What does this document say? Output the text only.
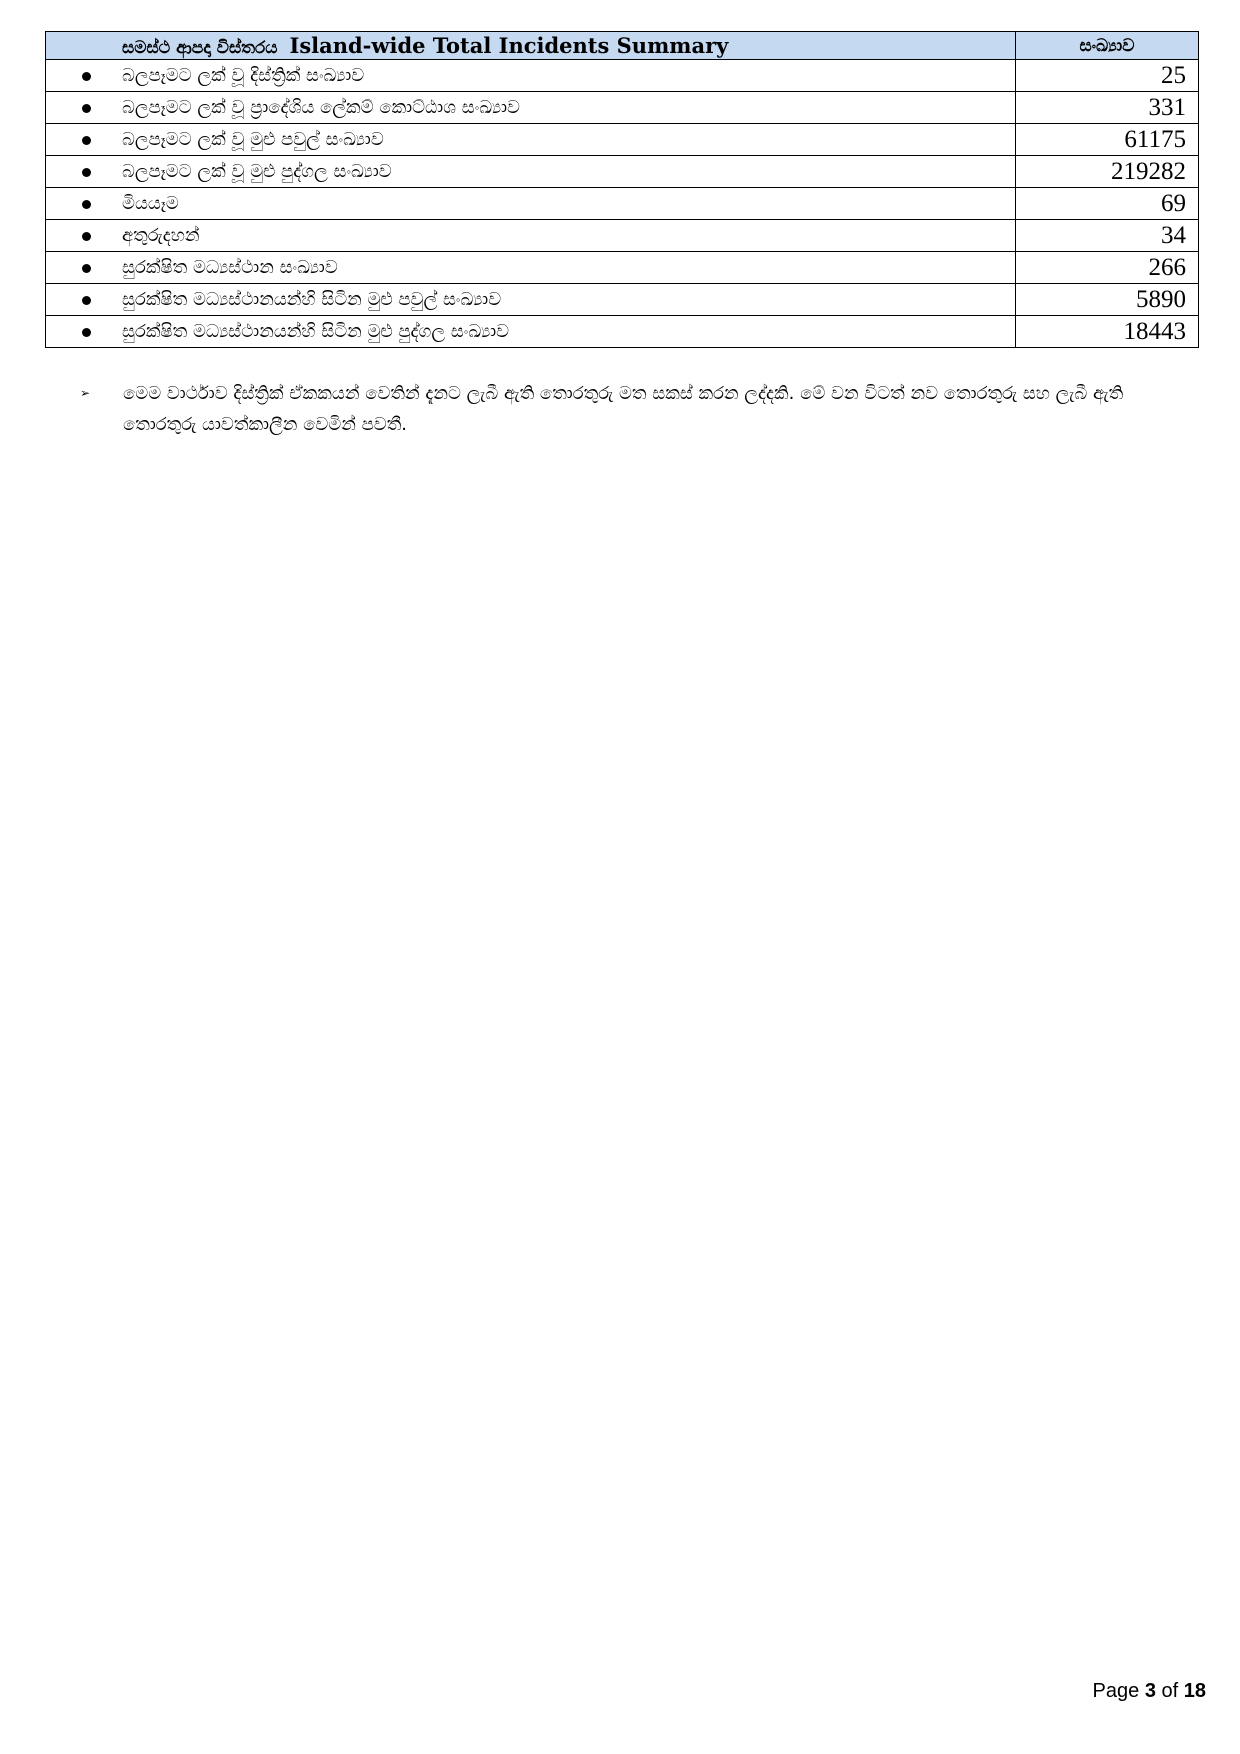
සමස්ථ ආපදා විස්තරය Island-wide Total Incidents Summary	සංඛ්‍යාව

බලපෑමට ලක් වූ දිස්ත්‍රික් සංඛ්‍යාව	25

බලපෑමට ලක් වූ ප්‍රාදේශිය ලේකම් කොට්ඨාශ සංඛ්‍යාව	331

බලපෑමට ලක් වූ මුළු පවුල් සංඛ්‍යාව	61175

බලපෑමට ලක් වූ මුළු පුද්ගල සංඛ්‍යාව	219282

මියයෑම	69

අතුරුදහන්	34

සුරක්ෂිත මධ්‍යස්ථාන සංඛ්‍යාව	266

සුරක්ෂිත මධ්‍යස්ථානයන්හි සිටින මුළු පවුල් සංඛ්‍යාව	5890

සුරක්ෂිත මධ්‍යස්ථානයන්හි සිටින මුළු පුද්ගල සංඛ්‍යාව	18443
➢ මෙම වාර්ථාව දිස්ත්‍රික් ඒකකයන් වෙතින් දැනට ලැබී ඇති තොරතුරු මත සකස් කරන ලද්දකි. මේ වන විටත් නව තොරතුරු සහ ලැබී ඇති තොරතුරු යාවත්කාලීන වෙමින් පවතී.
Page 3 of 18
